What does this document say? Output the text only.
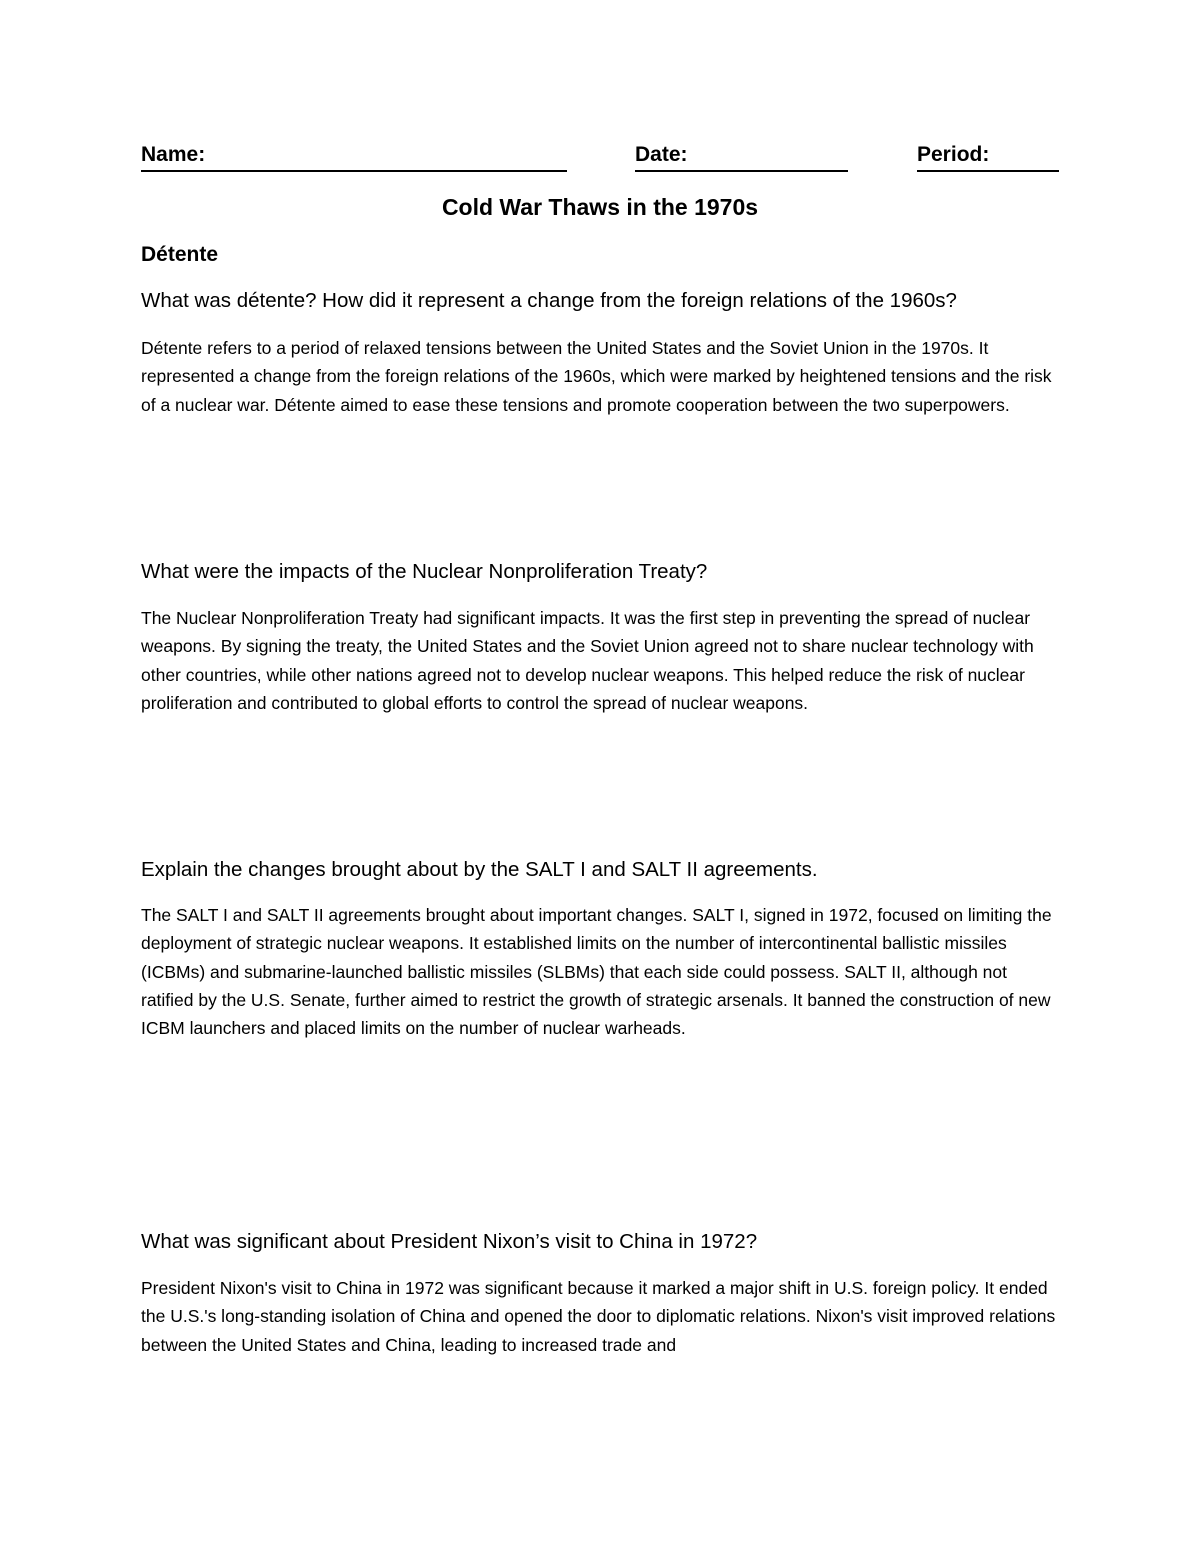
Name:	Date:	Period:
Cold War Thaws in the 1970s
Détente
What was détente? How did it represent a change from the foreign relations of the 1960s?
Détente refers to a period of relaxed tensions between the United States and the Soviet Union in the 1970s. It represented a change from the foreign relations of the 1960s, which were marked by heightened tensions and the risk of a nuclear war. Détente aimed to ease these tensions and promote cooperation between the two superpowers.
What were the impacts of the Nuclear Nonproliferation Treaty?
The Nuclear Nonproliferation Treaty had significant impacts. It was the first step in preventing the spread of nuclear weapons. By signing the treaty, the United States and the Soviet Union agreed not to share nuclear technology with other countries, while other nations agreed not to develop nuclear weapons. This helped reduce the risk of nuclear proliferation and contributed to global efforts to control the spread of nuclear weapons.
Explain the changes brought about by the SALT I and SALT II agreements.
The SALT I and SALT II agreements brought about important changes. SALT I, signed in 1972, focused on limiting the deployment of strategic nuclear weapons. It established limits on the number of intercontinental ballistic missiles (ICBMs) and submarine-launched ballistic missiles (SLBMs) that each side could possess. SALT II, although not ratified by the U.S. Senate, further aimed to restrict the growth of strategic arsenals. It banned the construction of new ICBM launchers and placed limits on the number of nuclear warheads.
What was significant about President Nixon’s visit to China in 1972?
President Nixon's visit to China in 1972 was significant because it marked a major shift in U.S. foreign policy. It ended the U.S.'s long-standing isolation of China and opened the door to diplomatic relations. Nixon's visit improved relations between the United States and China, leading to increased trade and
